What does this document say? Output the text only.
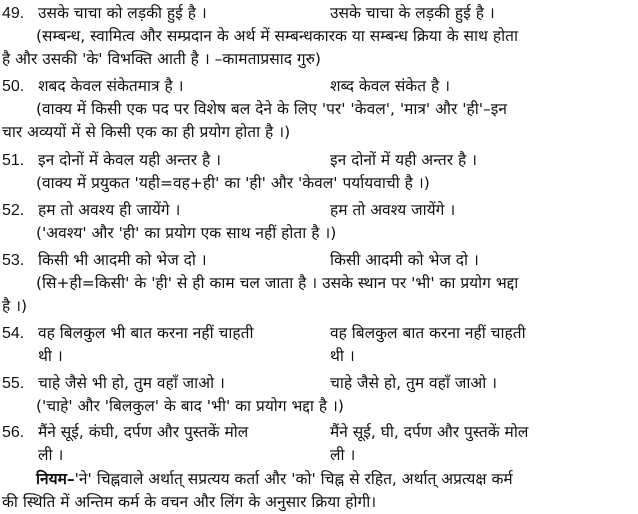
49. उसके चाचा को लड़की हुई है ।	उसके चाचा के लड़की हुई है ।
(सम्बन्ध, स्वामित्व और सम्प्रदान के अर्थ में सम्बन्धकारक या सम्बन्ध क्रिया के साथ होता
है और उसकी 'के' विभक्ति आती है । –कामताप्रसाद गुरु)
50. शबद केवल संकेतमात्र है ।	शब्द केवल संकेत है ।
(वाक्य में किसी एक पद पर विशेष बल देने के लिए 'पर' 'केवल', 'मात्र' और 'ही'–इन
चार अव्ययों में से किसी एक का ही प्रयोग होता है ।)
51. इन दोनों में केवल यही अन्तर है ।	इन दोनों में यही अन्तर है ।
(वाक्य में प्रयुकत 'यही=वह+ही' का 'ही' और 'केवल' पर्यायवाची है ।)
52. हम तो अवश्य ही जायेंगे ।	हम तो अवश्य जायेंगे ।
('अवश्य' और 'ही' का प्रयोग एक साथ नहीं होता है ।)
53. किसी भी आदमी को भेज दो ।	किसी आदमी को भेज दो ।
(सि+ही=किसी' के 'ही' से ही काम चल जाता है । उसके स्थान पर 'भी' का प्रयोग भद्दा
है ।)
54. वह बिलकुल भी बात करना नहीं चाहती	वह बिलकुल बात करना नहीं चाहती
थी ।	थी ।
55. चाहे जैसे भी हो, तुम वहाँ जाओ ।	चाहे जैसे हो, तुम वहाँ जाओ ।
('चाहे' और 'बिलकुल' के बाद 'भी' का प्रयोग भद्दा है ।)
56. मैंने सूई, कंघी, दर्पण और पुस्तकें मोल	मैंने सूई, घी, दर्पण और पुस्तकें मोल
ली ।	ली ।
नियम–'ने' चिह्नवाले अर्थात् सप्रत्यय कर्ता और 'को' चिह्न से रहित, अर्थात् अप्रत्यक्ष कर्म
की स्थिति में अन्तिम कर्म के वचन और लिंग के अनुसार क्रिया होगी।
